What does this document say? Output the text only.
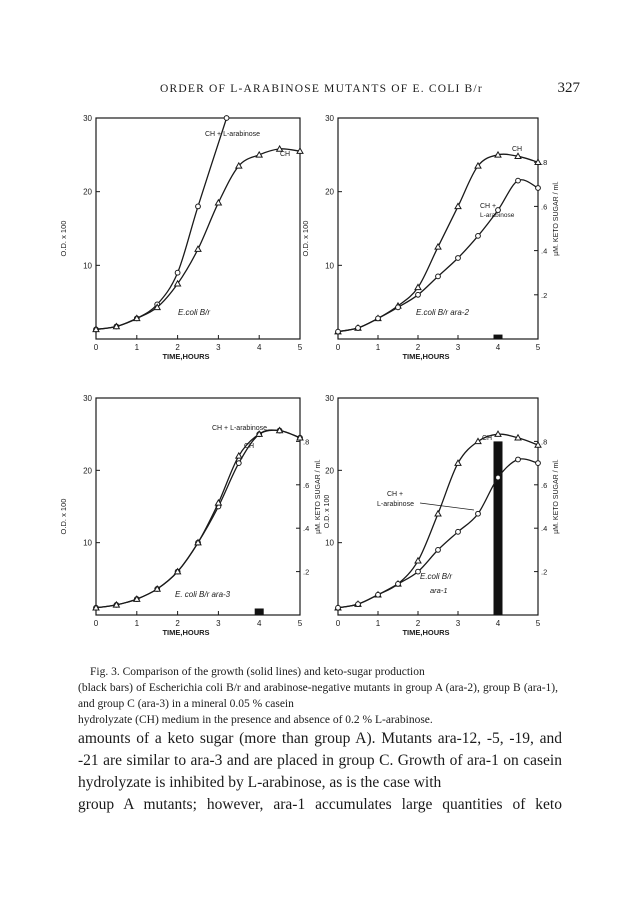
ORDER OF L-ARABINOSE MUTANTS OF E. COLI B/r	327
0	1	2	3	4	5
10
20
30
TIME,HOURS
O.D. x 100
0	1	2	3	4	5
10
20
30
TIME,HOURS
O.D. x 100
.2
.4
.6
.8
µM. KETO SUGAR / ml.
0	1	2	3	4	5
10
20
30
TIME,HOURS
O.D. x 100
.2
.4
.6
.8
µM. KETO SUGAR / ml. O.D. x 100
0	1	2	3	4	5
10
20
30
TIME,HOURS
.2
.4
.6
.8
µM. KETO SUGAR / ml.
CH + L-arabinose
CH
E.coli B/r
CH
CH +
L-arabinose
E.coli B/r ara-2
CH + L-arabinose
CH
E. coli B/r ara-3
CH
CH +
L-arabinose
E.coli B/r
ara-1
Fig. 3. Comparison of the growth (solid lines) and keto-sugar production
(black bars) of Escherichia coli B/r and arabinose-negative mutants in group A (ara-2), group B (ara-1), and group C (ara-3) in a mineral 0.05 % casein
hydrolyzate (CH) medium in the presence and absence of 0.2 % L-arabinose.
amounts of a keto sugar (more than group A). Mutants ara-12, -5, -19, and -21 are similar to ara-3 and are placed in group C. Growth of ara-1 on casein hydrolyzate is inhibited by L-arabinose, as is the case with
group A mutants; however, ara-1 accumulates large quantities of keto
